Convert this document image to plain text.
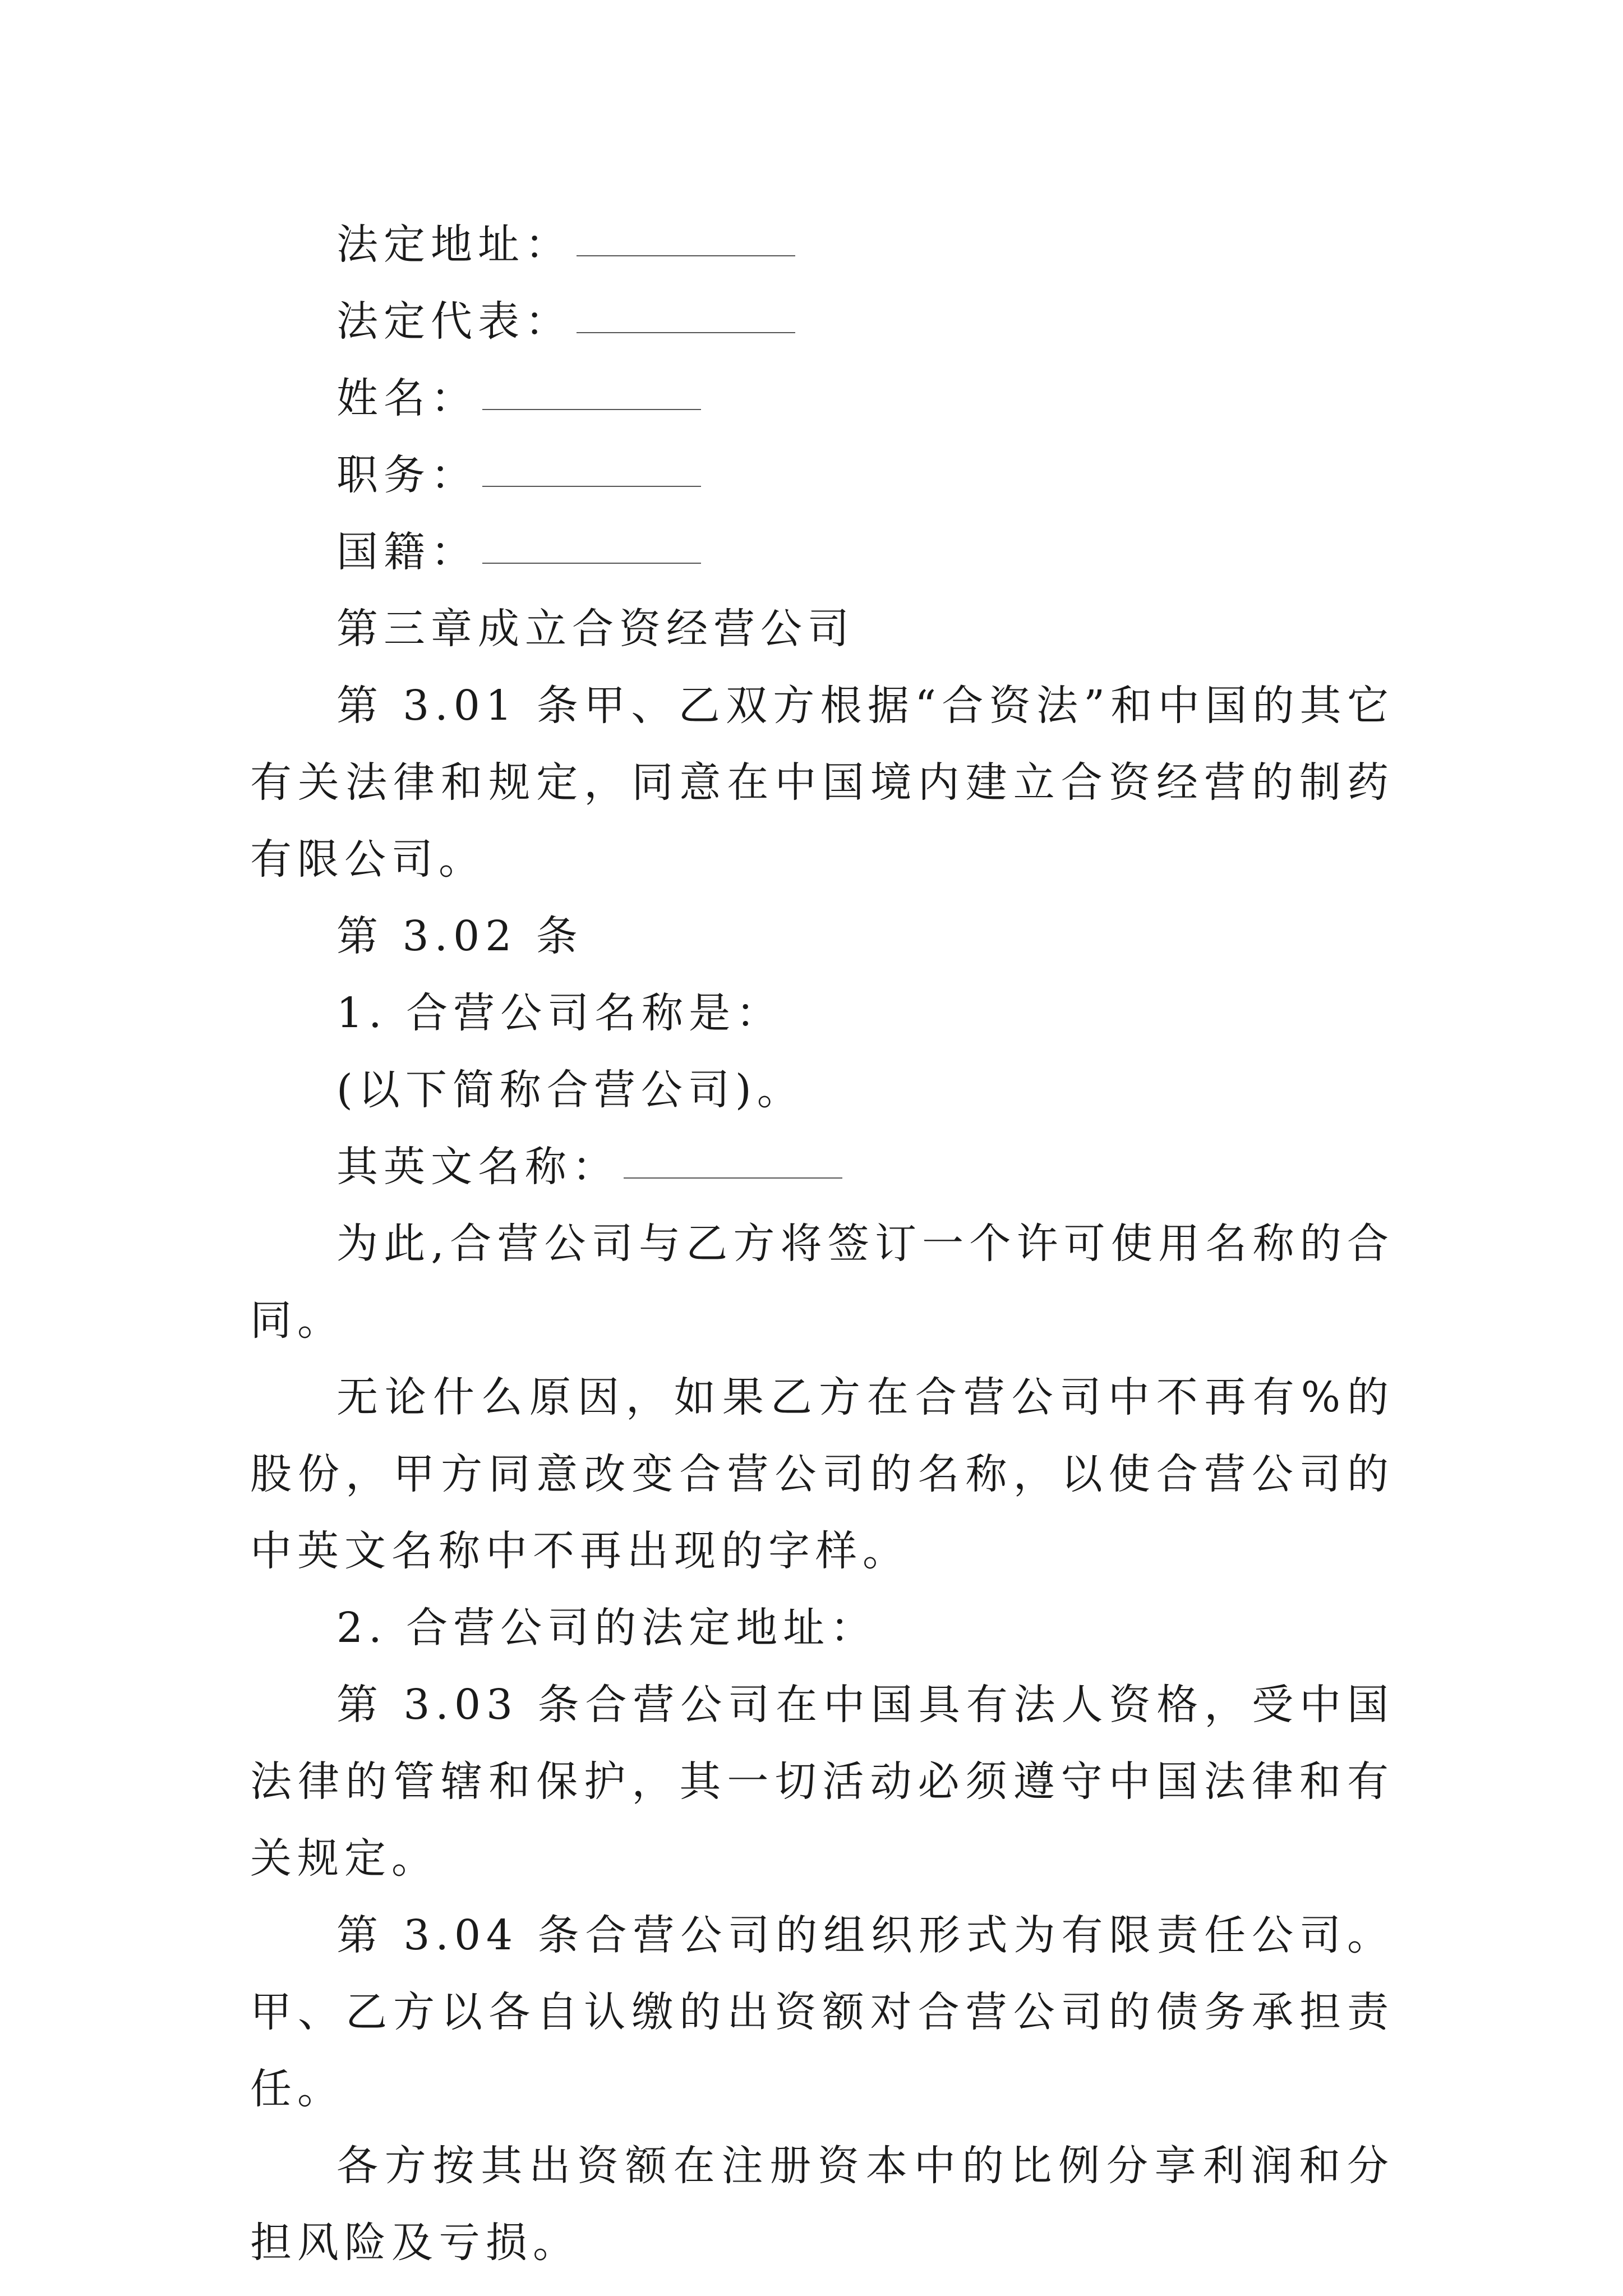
法定地址：
法定代表：
姓名：
职务：
国籍：

第三章成立合资经营公司

第 3.01 条甲、乙双方根据“合资法”和中国的其它有关法律和规定，同意在中国境内建立合资经营的制药有限公司。

第 3.02 条

1. 合营公司名称是：

(以下简称合营公司)。

其英文名称：

为此,合营公司与乙方将签订一个许可使用名称的合同。

无论什么原因，如果乙方在合营公司中不再有%的股份，甲方同意改变合营公司的名称，以使合营公司的中英文名称中不再出现的字样。

2. 合营公司的法定地址：

第 3.03 条合营公司在中国具有法人资格，受中国法律的管辖和保护，其一切活动必须遵守中国法律和有关规定。

第 3.04 条合营公司的组织形式为有限责任公司。甲、乙方以各自认缴的出资额对合营公司的债务承担责任。

各方按其出资额在注册资本中的比例分享利润和分担风险及亏损。
